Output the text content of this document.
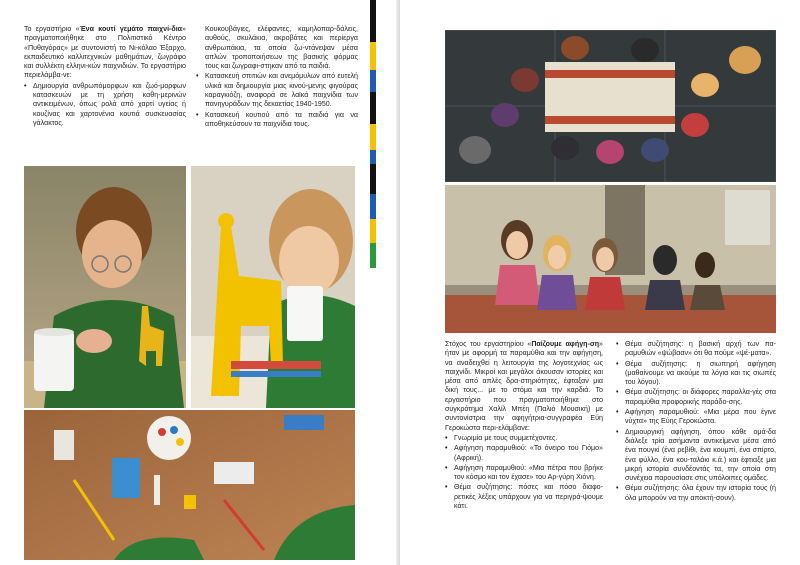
Το εργαστήριο «Ένα κουτί γεμάτο παιχνί-δια» πραγματοποιήθηκε στο Πολιτιστικό Κέντρο «Πυθαγόρας» με συντονιστή το Νι-κόλαο Έξαρχο, εκπαιδευτικό καλλιτεχνικών μαθημάτων, ζωγράφο και συλλέκτη ελληνι-κών παιχνιδιών. Το εργαστήριο περιελάμβα-νε:

• Δημιουργία ανθρωπόμορφων και ζωό-μορφων κατασκευών με τη χρήση καθη-μερινών αντικειμένων, όπως ρολά από χαρτί υγείας ή κουζίνας και χαρτονένια κουτιά συσκευασίας γάλακτος.

Κουκουβάγιες, ελέφαντες, καμηλοπαρ-δάλεις, αυθούς, σκυλάκια, ακροβάτες και περίεργα ανθρωπάκια, τα οποία ζω-ντάνεψαν μέσα απλών τροποποιήσεων της βασικής φόρμας τους και ζωγραφι-στηκαν από τα παιδιά.

• Κατασκευή σπιτιών και ανεμόμυλων από ευτελή υλικά και δημιουργία μιας κινού-μενης φιγούρας καραγκιόζη, αναφορά σε λαϊκά παιχνίδια των πανηγυράδων της δεκαετίας 1940-1950.
• Κατασκευή κουτιού από τα παιδιά για να αποθηκεύσουν τα παιχνίδια τους.

Στόχος του εργαστηρίου «Παίζουμε αφήγη-ση» ήταν με αφορμή τα παραμύθια και την αφήγηση, να αναδειχθεί η λειτουργία της λογοτεχνίας ως παιχνίδι. Μικροί και μεγάλοι άκουσαν ιστορίες και μέσα από απλές δρα-στηριότητες, έφταξαν μια δική τους... με το στόμα και την καρδιά. Το εργαστήριο που πραγματοποιήθηκε στο συγκρότημα Χαλίλ Μπέη (Παλιό Μουσική) με συντονίστρια την αφηγήτρια-συγγραφέα Εύη Γεροκώστα περι-ελάμβανε:

• Γνωριμία με τους συμμετέχοντες.
• Αφήγηση παραμυθιού: «Το όνειρο του Γιόμο» (Αφρική).
• Αφήγηση παραμυθιού: «Μια πέτρα που βρήκε τον κόσμο και τον έχασε» του Αρ-γύρη Χιόνη.
• Θέμα συζήτησης: πόσες και πόσο διαφο-ρετικές λέξεις υπάρχουν για να περιγρά-ψουμε κάτι.
• Θέμα συζήτησης: η βασική αρχή των πα-ραμυθιών «ψώβααν» ότι θα πούμε «ψέ-ματα».
• Θέμα συζήτησης: η σιωπηρή αφήγηση (μαθαίνουμε να ακούμε τα λόγια και τις σιωπές του λόγου).
• Θέμα συζήτησης: οι διάφορες παραλλα-γές στα παραμύθια προφορικής παράδο-σης.
• Αφήγηση παραμυθιού: «Μια μέρα που έγινε νύχτα» της Εύης Γεροκώστα.
• Δημιουργική αφήγηση, όπου κάθε ομά-δα διάλεξε τρία ασήμαντα αντικείμενα μέσα από ένα πουγκί (ένα ρεβίθι, ένα κουμπί, ένα σπίρτο, ένα φύλλο, ένα κου-ταλάκι κ.ά.) και έφτιαξε μια μικρή ιστορία συνδέοντάς τα, την οποία στη συνέχεια παρουσίασε στις υπόλοιπες ομάδες.
• Θέμα συζήτησης: όλα έχουν την ιστορία τους (ή όλα μπορούν να την αποκτή-σουν).
